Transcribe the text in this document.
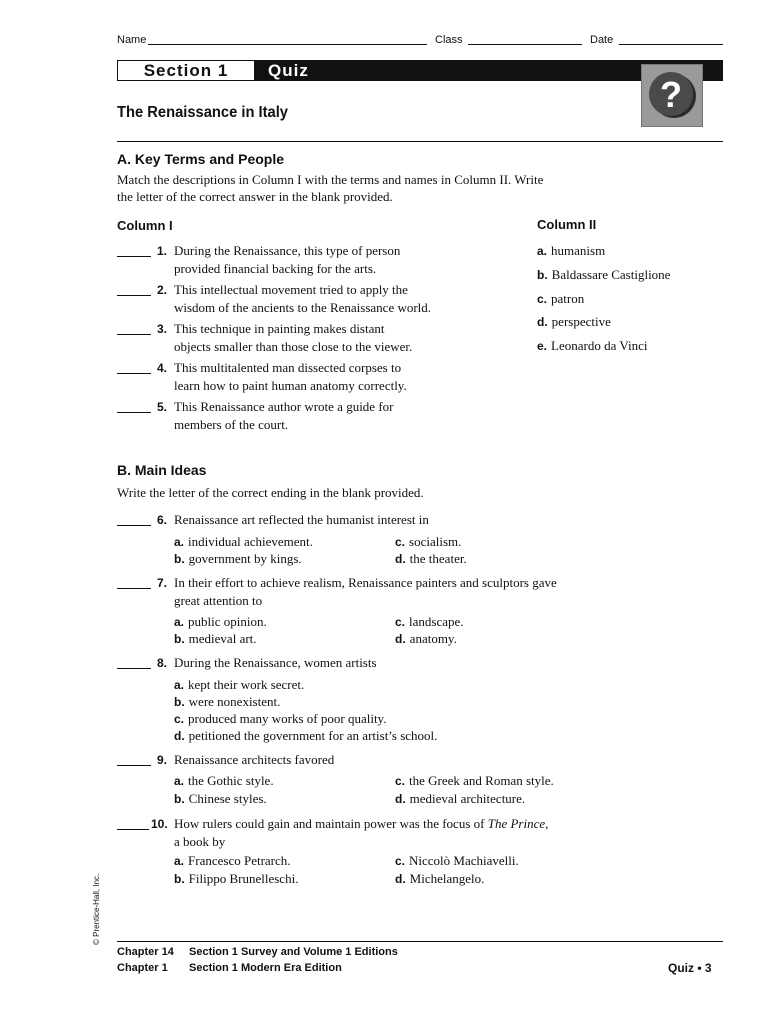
Name	Class	Date
Section 1	Quiz
?
The Renaissance in Italy
A. Key Terms and People
Match the descriptions in Column I with the terms and names in Column II. Write
the letter of the correct answer in the blank provided.
Column I	Column II
1. During the Renaissance, this type of person
provided financial backing for the arts.
2. This intellectual movement tried to apply the
wisdom of the ancients to the Renaissance world.
3. This technique in painting makes distant
objects smaller than those close to the viewer.
4. This multitalented man dissected corpses to
learn how to paint human anatomy correctly.
5. This Renaissance author wrote a guide for
members of the court.
a. humanism
b. Baldassare Castiglione
c. patron
d. perspective
e. Leonardo da Vinci
B. Main Ideas
Write the letter of the correct ending in the blank provided.
6. Renaissance art reflected the humanist interest in
a. individual achievement.
b. government by kings.
c. socialism.
d. the theater.
7. In their effort to achieve realism, Renaissance painters and sculptors gave
great attention to
a. public opinion.
b. medieval art.
c. landscape.
d. anatomy.
8. During the Renaissance, women artists
a. kept their work secret.
b. were nonexistent.
c. produced many works of poor quality.
d. petitioned the government for an artist’s school.
9. Renaissance architects favored
a. the Gothic style.
b. Chinese styles.
c. the Greek and Roman style.
d. medieval architecture.
10. How rulers could gain and maintain power was the focus of The Prince,
a book by
a. Francesco Petrarch.
b. Filippo Brunelleschi.
c. Niccolò Machiavelli.
d. Michelangelo.
© Prentice-Hall, Inc.
Chapter 14 Section 1 Survey and Volume 1 Editions
Chapter 1 Section 1 Modern Era Edition	Quiz • 3
